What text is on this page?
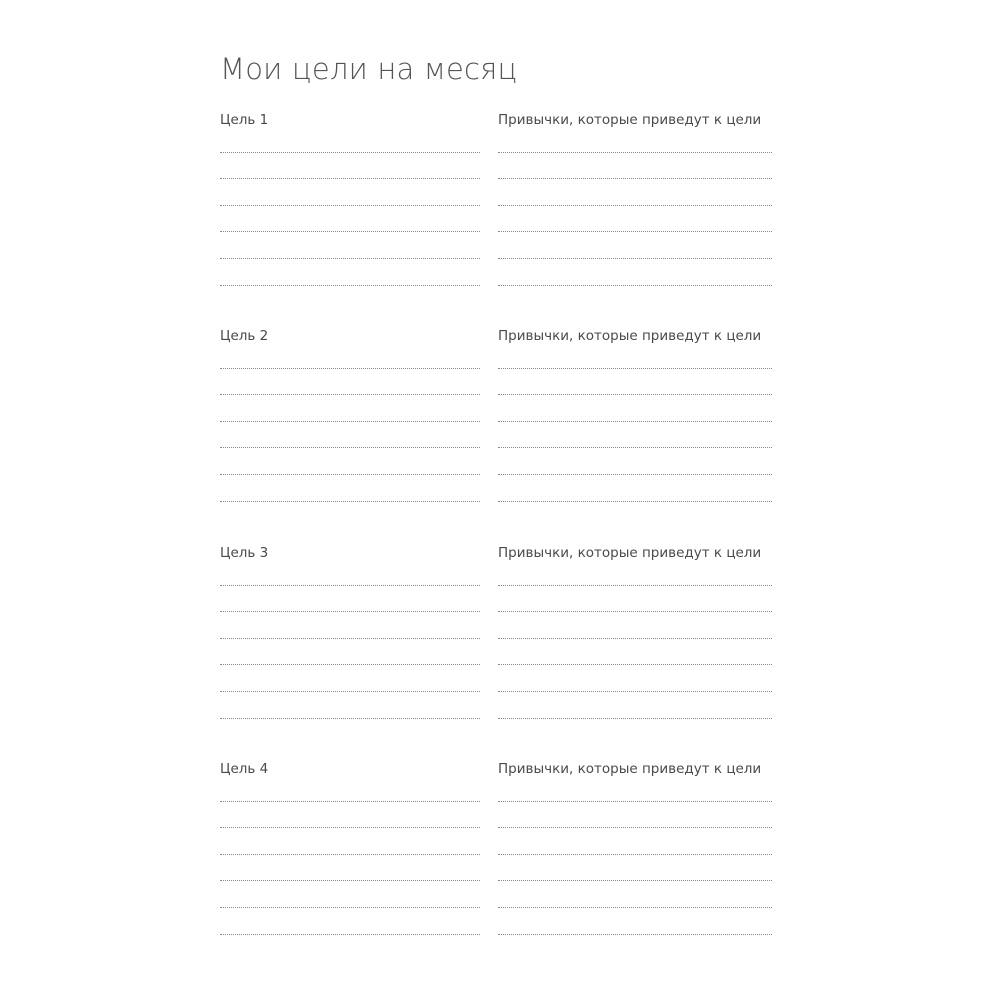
Мои цели на месяц
Цель 1	Привычки, которые приведут к цели
Цель 2	Привычки, которые приведут к цели
Цель 3	Привычки, которые приведут к цели
Цель 4	Привычки, которые приведут к цели
